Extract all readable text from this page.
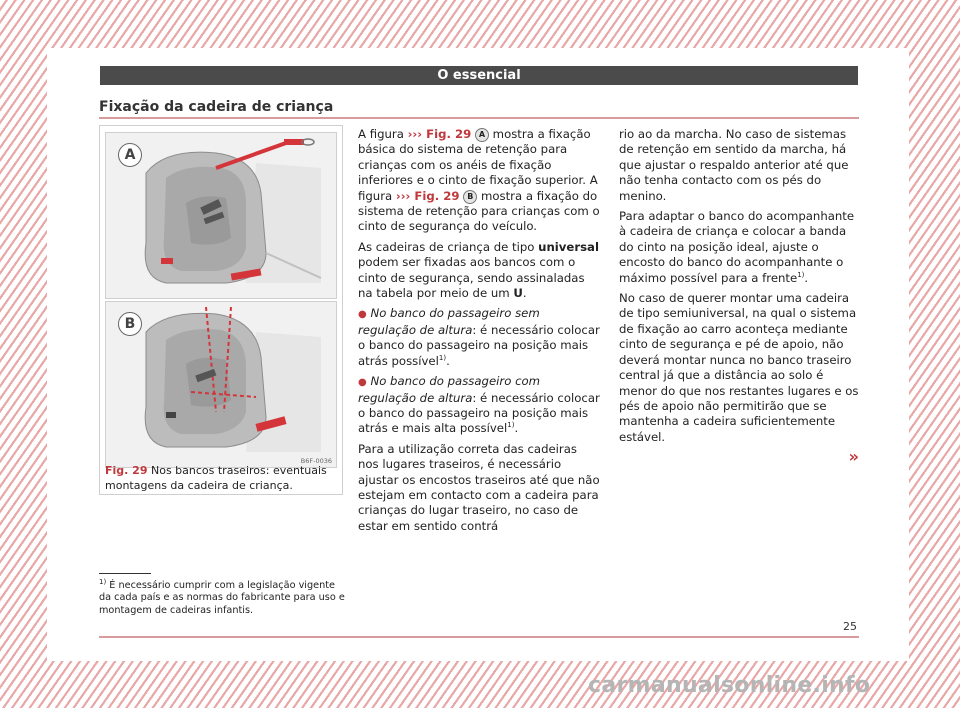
O essencial
Fixação da cadeira de criança
A
B
B6F-0036
Fig. 29 Nos bancos traseiros: eventuais montagens da cadeira de criança.

A figura ››› Fig. 29 A mostra a fixação básica do sistema de retenção para crianças com os anéis de fixação inferiores e o cinto de fixação superior. A figura ››› Fig. 29 B mostra a fixação do sistema de retenção para crianças com o cinto de segurança do veículo.

As cadeiras de criança de tipo universal podem ser fixadas aos bancos com o cinto de segurança, sendo assinaladas na tabela por meio de um U.

● No banco do passageiro sem regulação de altura: é necessário colocar o banco do passageiro na posição mais atrás possível$^{1)}$.

● No banco do passageiro com regulação de altura: é necessário colocar o banco do passageiro na posição mais atrás e mais alta possível$^{1)}$.

Para a utilização correta das cadeiras nos lugares traseiros, é necessário ajustar os encostos traseiros até que não estejam em contacto com a cadeira para crianças do lugar traseiro, no caso de estar em sentido contrá

rio ao da marcha. No caso de sistemas de retenção em sentido da marcha, há que ajustar o respaldo anterior até que não tenha contacto com os pés do menino.

Para adaptar o banco do acompanhante à cadeira de criança e colocar a banda do cinto na posição ideal, ajuste o encosto do banco do acompanhante o máximo possível para a frente$^{1)}$.

No caso de querer montar uma cadeira de tipo semiuniversal, na qual o sistema de fixação ao carro aconteça mediante cinto de segurança e pé de apoio, não deverá montar nunca no banco traseiro central já que a distância ao solo é menor do que nos restantes lugares e os pés de apoio não permitirão que se mantenha a cadeira suficientemente estável.

»
$^{1)}$ É necessário cumprir com a legislação vigente da cada país e as normas do fabricante para uso e montagem de cadeiras infantis.
25
carmanualsonline.info
